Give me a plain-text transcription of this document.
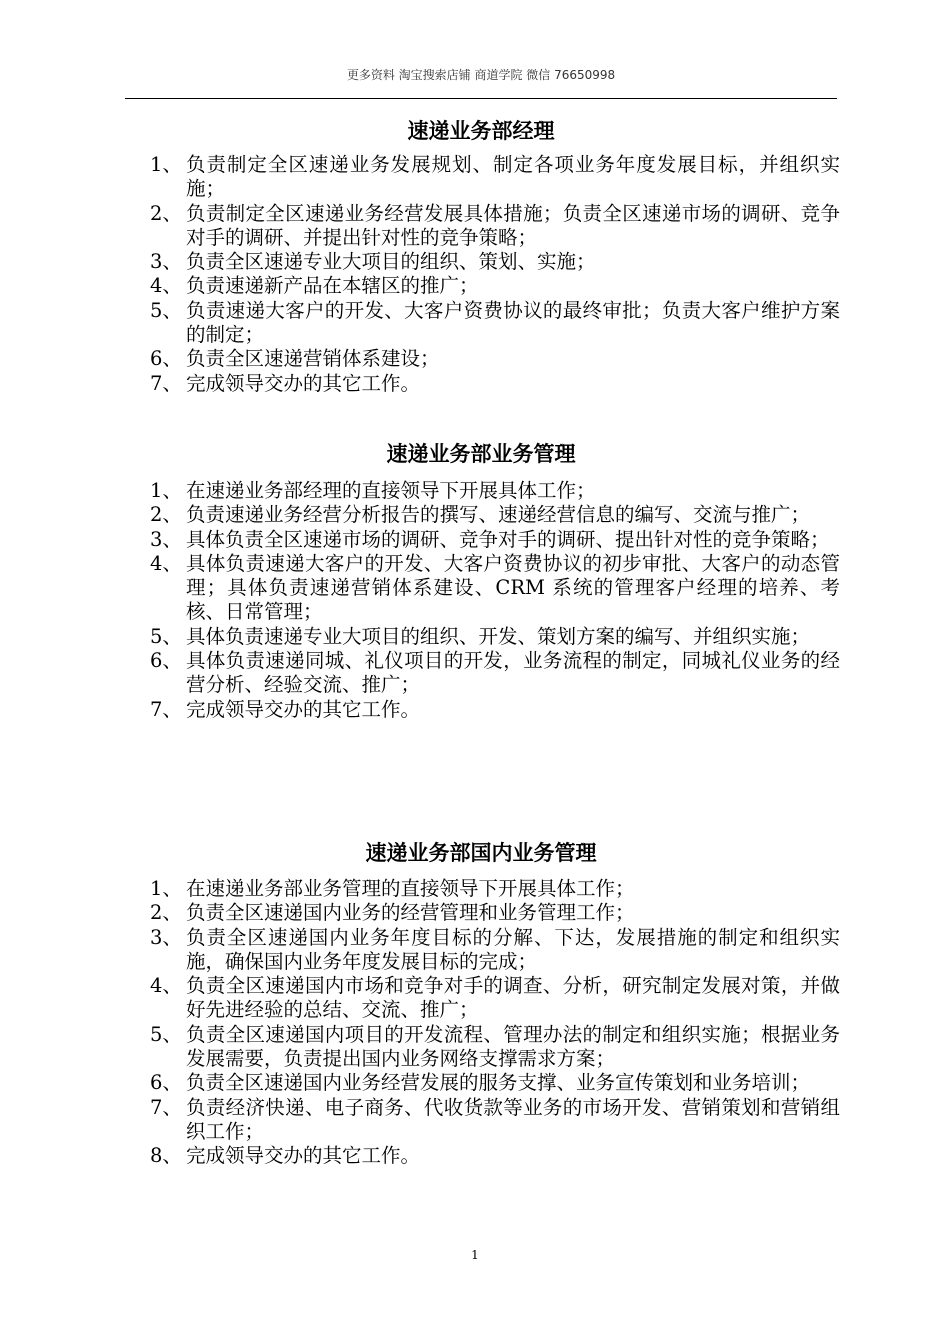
更多资料 淘宝搜索店铺 商道学院 微信 76650998
速递业务部经理
1、 负责制定全区速递业务发展规划、制定各项业务年度发展目标，并组织实施；
2、 负责制定全区速递业务经营发展具体措施；负责全区速递市场的调研、竞争对手的调研、并提出针对性的竞争策略；
3、 负责全区速递专业大项目的组织、策划、实施；
4、 负责速递新产品在本辖区的推广；
5、 负责速递大客户的开发、大客户资费协议的最终审批；负责大客户维护方案的制定；
6、 负责全区速递营销体系建设；
7、 完成领导交办的其它工作。
速递业务部业务管理
1、 在速递业务部经理的直接领导下开展具体工作；
2、 负责速递业务经营分析报告的撰写、速递经营信息的编写、交流与推广；
3、 具体负责全区速递市场的调研、竞争对手的调研、提出针对性的竞争策略；
4、 具体负责速递大客户的开发、大客户资费协议的初步审批、大客户的动态管理；具体负责速递营销体系建设、CRM 系统的管理客户经理的培养、考核、日常管理；
5、 具体负责速递专业大项目的组织、开发、策划方案的编写、并组织实施；
6、 具体负责速递同城、礼仪项目的开发，业务流程的制定，同城礼仪业务的经营分析、经验交流、推广；
7、 完成领导交办的其它工作。
速递业务部国内业务管理
1、 在速递业务部业务管理的直接领导下开展具体工作；
2、 负责全区速递国内业务的经营管理和业务管理工作；
3、 负责全区速递国内业务年度目标的分解、下达，发展措施的制定和组织实施，确保国内业务年度发展目标的完成；
4、 负责全区速递国内市场和竞争对手的调查、分析，研究制定发展对策，并做好先进经验的总结、交流、推广；
5、 负责全区速递国内项目的开发流程、管理办法的制定和组织实施；根据业务发展需要，负责提出国内业务网络支撑需求方案；
6、 负责全区速递国内业务经营发展的服务支撑、业务宣传策划和业务培训；
7、 负责经济快递、电子商务、代收货款等业务的市场开发、营销策划和营销组织工作；
8、 完成领导交办的其它工作。
1
